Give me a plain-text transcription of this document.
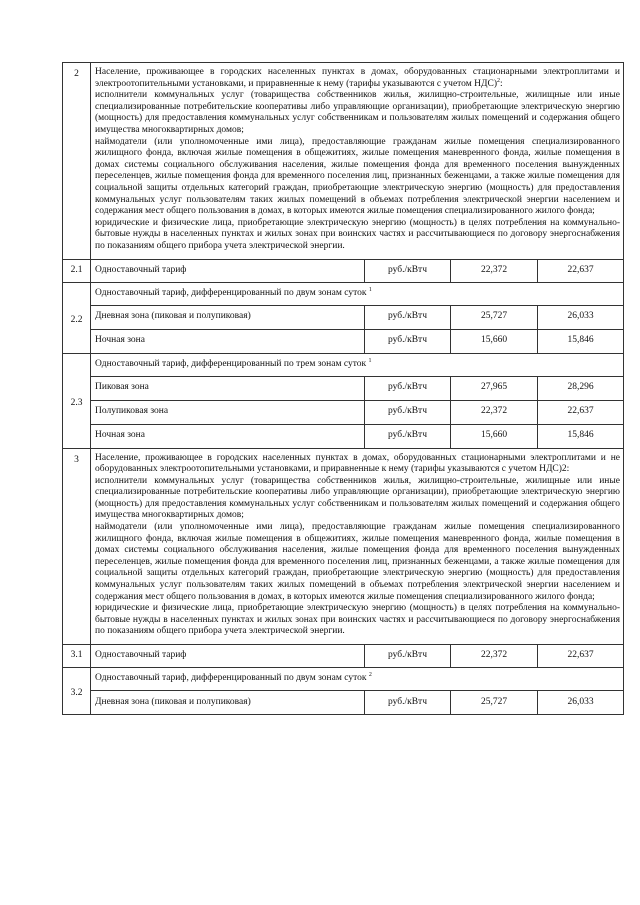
2	Население, проживающее в городских населенных пунктах в домах, оборудованных стационарными электроплитами и электроотопительными установками, и приравненные к нему (тарифы указываются с учетом НДС)$^2$:

исполнители коммунальных услуг (товарищества собственников жилья, жилищно-строительные, жилищные или иные специализированные потребительские кооперативы либо управляющие организации), приобретающие электрическую энергию (мощность) для предоставления коммунальных услуг собственникам и пользователям жилых помещений и содержания общего имущества многоквартирных домов;

наймодатели (или уполномоченные ими лица), предоставляющие гражданам жилые помещения специализированного жилищного фонда, включая жилые помещения в общежитиях, жилые помещения маневренного фонда, жилые помещения в домах системы социального обслуживания населения, жилые помещения фонда для временного поселения вынужденных переселенцев, жилые помещения фонда для временного поселения лиц, признанных беженцами, а также жилые помещения для социальной защиты отдельных категорий граждан, приобретающие электрическую энергию (мощность) для предоставления коммунальных услуг пользователям таких жилых помещений в объемах потребления электрической энергии населением и содержания мест общего пользования в домах, в которых имеются жилые помещения специализированного жилого фонда;

юридические и физические лица, приобретающие электрическую энергию (мощность) в целях потребления на коммунально-бытовые нужды в населенных пунктах и жилых зонах при воинских частях и рассчитывающиеся по договору энергоснабжения по показаниям общего прибора учета электрической энергии.			

2.1	Одноставочный тариф	руб./кВтч	22,372	22,637
2.2	Одноставочный тариф, дифференцированный по двум зонам суток $^1$
	Дневная зона (пиковая и полупиковая)	руб./кВтч	25,727	26,033
	Ночная зона	руб./кВтч	15,660	15,846
2.3	Одноставочный тариф, дифференцированный по трем зонам суток $^1$
	Пиковая зона	руб./кВтч	27,965	28,296
	Полупиковая зона	руб./кВтч	22,372	22,637
	Ночная зона	руб./кВтч	15,660	15,846
3	Население, проживающее в городских населенных пунктах в домах, оборудованных стационарными электроплитами и не оборудованных электроотопительными установками, и приравненные к нему (тарифы указываются с учетом НДС)2:

исполнители коммунальных услуг (товарищества собственников жилья, жилищно-строительные, жилищные или иные специализированные потребительские кооперативы либо управляющие организации), приобретающие электрическую энергию (мощность) для предоставления коммунальных услуг собственникам и пользователям жилых помещений и содержания общего имущества многоквартирных домов;

наймодатели (или уполномоченные ими лица), предоставляющие гражданам жилые помещения специализированного жилищного фонда, включая жилые помещения в общежитиях, жилые помещения маневренного фонда, жилые помещения в домах системы социального обслуживания населения, жилые помещения фонда для временного поселения вынужденных переселенцев, жилые помещения фонда для временного поселения лиц, признанных беженцами, а также жилые помещения для социальной защиты отдельных категорий граждан, приобретающие электрическую энергию (мощность) для предоставления коммунальных услуг пользователям таких жилых помещений в объемах потребления электрической энергии населением и содержания мест общего пользования в домах, в которых имеются жилые помещения специализированного жилого фонда;

юридические и физические лица, приобретающие электрическую энергию (мощность) в целях потребления на коммунально-бытовые нужды в населенных пунктах и жилых зонах при воинских частях и рассчитывающиеся по договору энергоснабжения по показаниям общего прибора учета электрической энергии.			

3.1	Одноставочный тариф	руб./кВтч	22,372	22,637
3.2	Одноставочный тариф, дифференцированный по двум зонам суток $^2$
	Дневная зона (пиковая и полупиковая)	руб./кВтч	25,727	26,033
